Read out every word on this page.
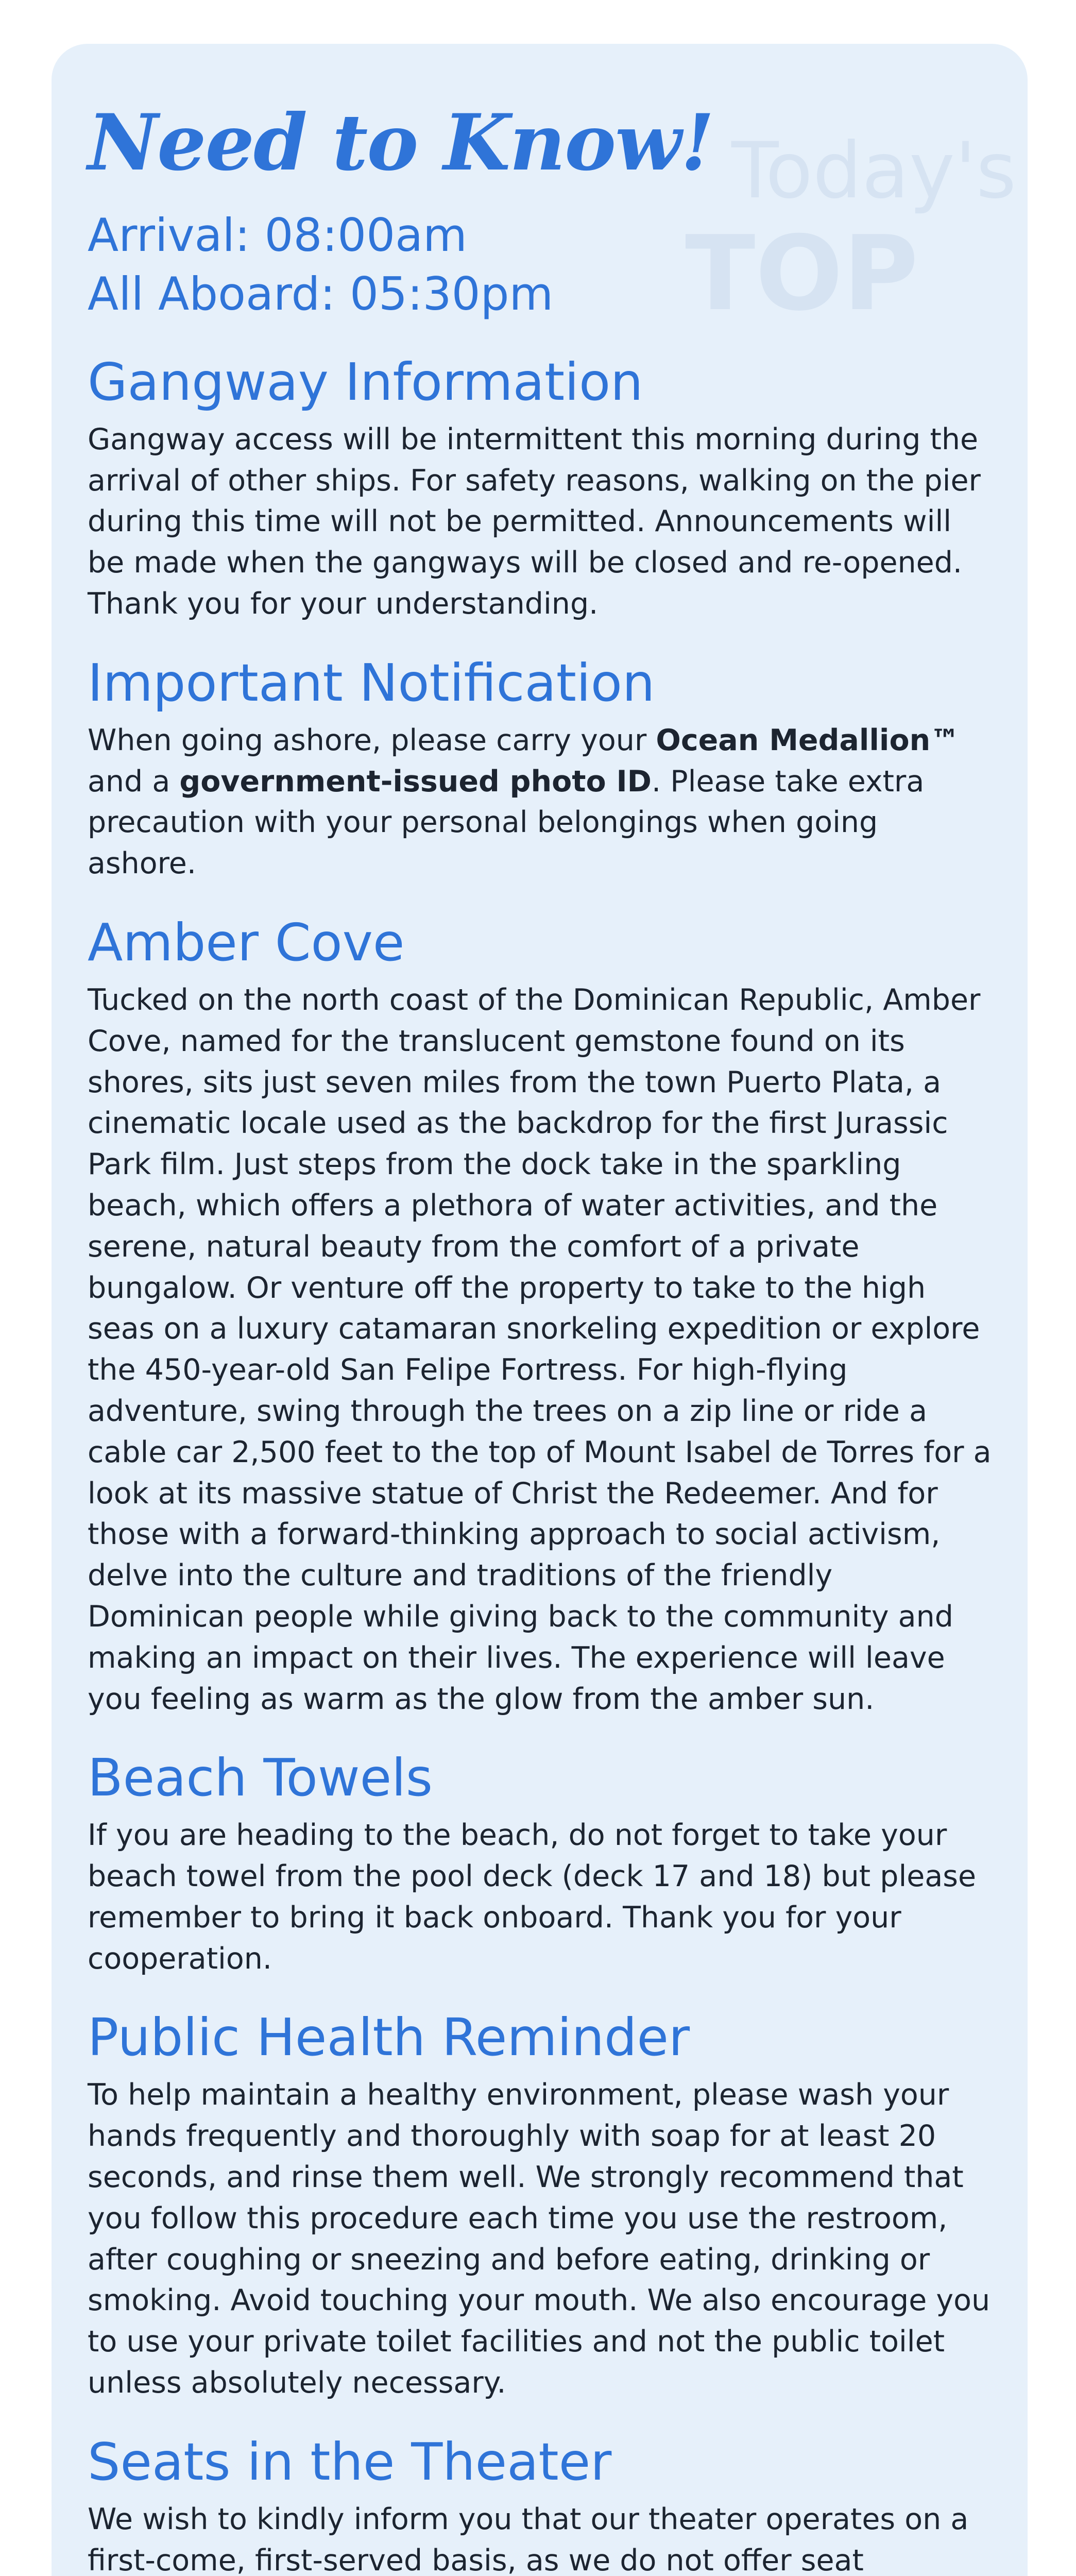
Today's
TOP
Need to Know!
Arrival: 08:00am
All Aboard: 05:30pm
Gangway Information

Gangway access will be intermittent this morning during the arrival of other ships. For safety reasons, walking on the pier during this time will not be permitted. Announcements will be made when the gangways will be closed and re-opened. Thank you for your understanding.

Important Notification

When going ashore, please carry your Ocean Medallion™ and a government-issued photo ID. Please take extra precaution with your personal belongings when going ashore.

Amber Cove

Tucked on the north coast of the Dominican Republic, Amber Cove, named for the translucent gemstone found on its shores, sits just seven miles from the town Puerto Plata, a cinematic locale used as the backdrop for the first Jurassic Park film. Just steps from the dock take in the sparkling beach, which offers a plethora of water activities, and the serene, natural beauty from the comfort of a private bungalow. Or venture off the property to take to the high seas on a luxury catamaran snorkeling expedition or explore the 450-year-old San Felipe Fortress. For high-flying adventure, swing through the trees on a zip line or ride a cable car 2,500 feet to the top of Mount Isabel de Torres for a look at its massive statue of Christ the Redeemer. And for those with a forward-thinking approach to social activism, delve into the culture and traditions of the friendly Dominican people while giving back to the community and making an impact on their lives. The experience will leave you feeling as warm as the glow from the amber sun.

Beach Towels

If you are heading to the beach, do not forget to take your beach towel from the pool deck (deck 17 and 18) but please remember to bring it back onboard. Thank you for your cooperation.

Public Health Reminder

To help maintain a healthy environment, please wash your hands frequently and thoroughly with soap for at least 20 seconds, and rinse them well. We strongly recommend that you follow this procedure each time you use the restroom, after coughing or sneezing and before eating, drinking or smoking. Avoid touching your mouth. We also encourage you to use your private toilet facilities and not the public toilet unless absolutely necessary.

Seats in the Theater

We wish to kindly inform you that our theater operates on a first-come, first-served basis, as we do not offer seat
